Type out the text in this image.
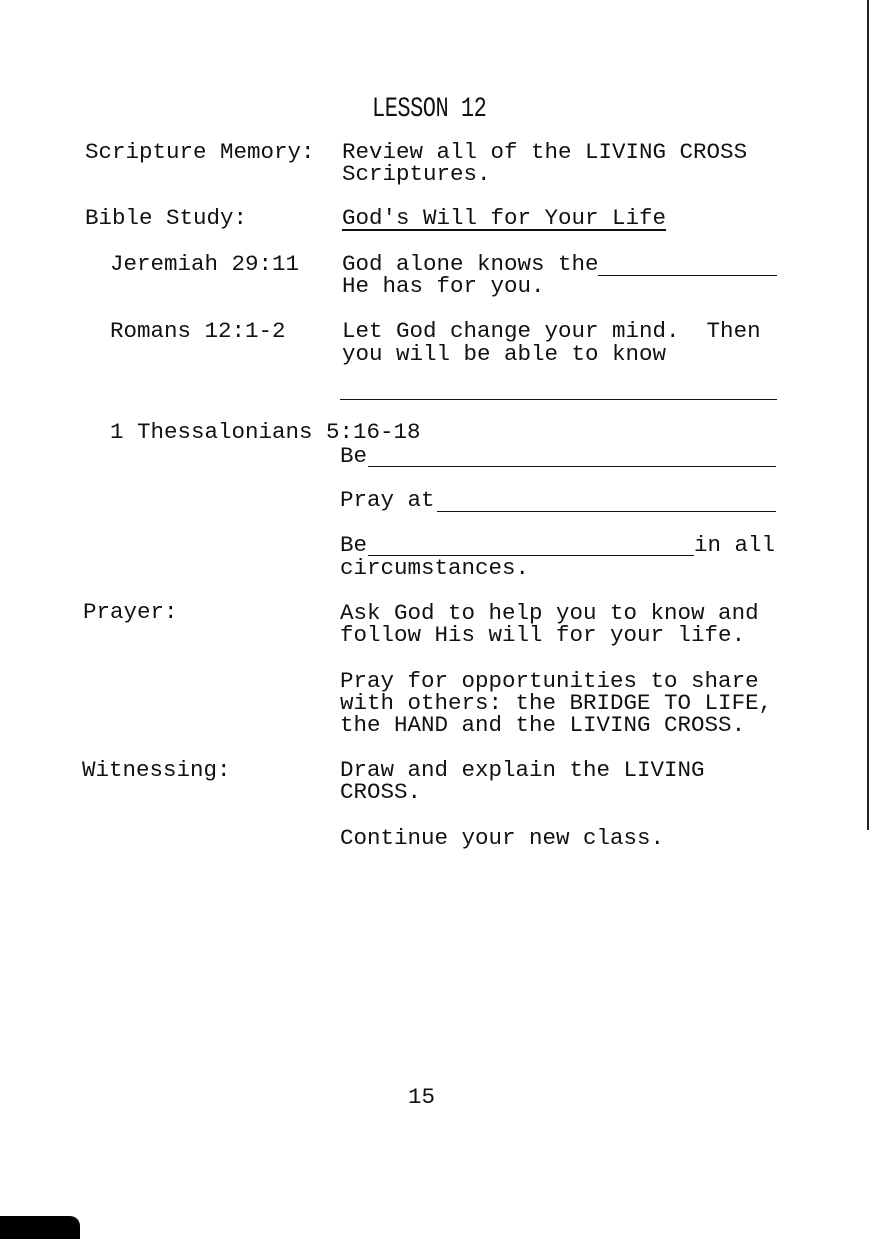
LESSON 12
Scripture Memory: Review all of the LIVING CROSS
Scriptures.
Bible Study:	God's Will for Your Life
Jeremiah 29:11 God alone knows the
He has for you.
Romans 12:1-2	Let God change your mind.  Then
you will be able to know
1 Thessalonians 5:16-18
Be
Pray at
Be	in all
circumstances.
Prayer:	Ask God to help you to know and
follow His will for your life.
Pray for opportunities to share
with others: the BRIDGE TO LIFE,
the HAND and the LIVING CROSS.
Witnessing:	Draw and explain the LIVING
CROSS.
Continue your new class.
15
